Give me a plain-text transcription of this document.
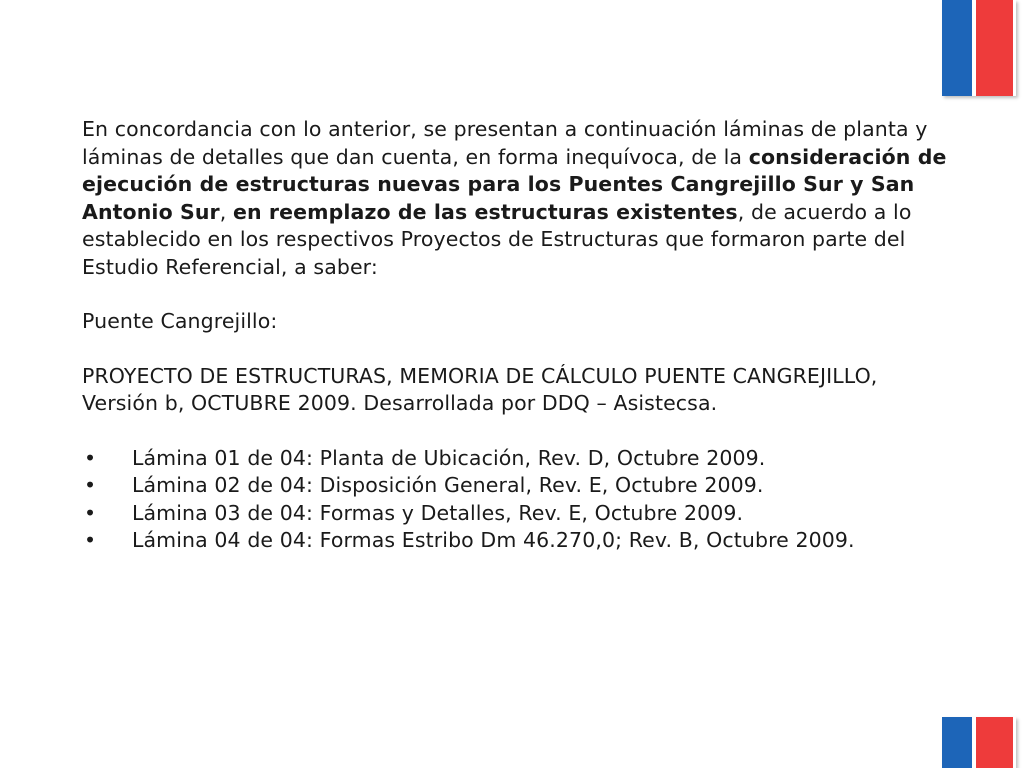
En concordancia con lo anterior, se presentan a continuación láminas de planta y láminas de detalles que dan cuenta, en forma inequívoca, de la consideración de ejecución de estructuras nuevas para los Puentes Cangrejillo Sur y San Antonio Sur, en reemplazo de las estructuras existentes, de acuerdo a lo establecido en los respectivos Proyectos de Estructuras que formaron parte del Estudio Referencial, a saber:

Puente Cangrejillo:

PROYECTO DE ESTRUCTURAS, MEMORIA DE CÁLCULO PUENTE CANGREJILLO, Versión b, OCTUBRE 2009. Desarrollada por DDQ – Asistecsa.

• Lámina 01 de 04: Planta de Ubicación, Rev. D, Octubre 2009.
• Lámina 02 de 04: Disposición General, Rev. E, Octubre 2009.
• Lámina 03 de 04: Formas y Detalles, Rev. E, Octubre 2009.
• Lámina 04 de 04: Formas Estribo Dm 46.270,0; Rev. B, Octubre 2009.
